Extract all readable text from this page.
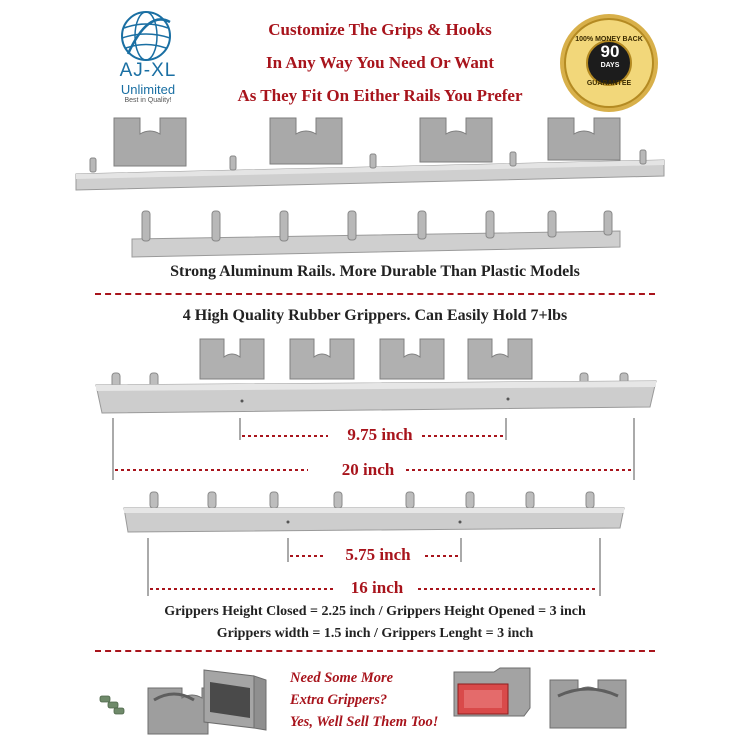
AJ-XL
Unlimited
Best in Quality!
Customize The Grips & Hooks
In Any Way You Need Or Want
As They Fit On Either Rails You Prefer
100% MONEY BACK
90
DAYS
GUARANTEE
Strong Aluminum Rails. More Durable Than Plastic Models
4 High Quality Rubber Grippers. Can Easily Hold 7+lbs
9.75 inch
20 inch
5.75 inch
16 inch
Grippers Height Closed = 2.25 inch / Grippers Height Opened = 3 inch
Grippers width = 1.5 inch / Grippers Lenght = 3 inch
Need Some More
Extra Grippers?
Yes, Well Sell Them Too!
